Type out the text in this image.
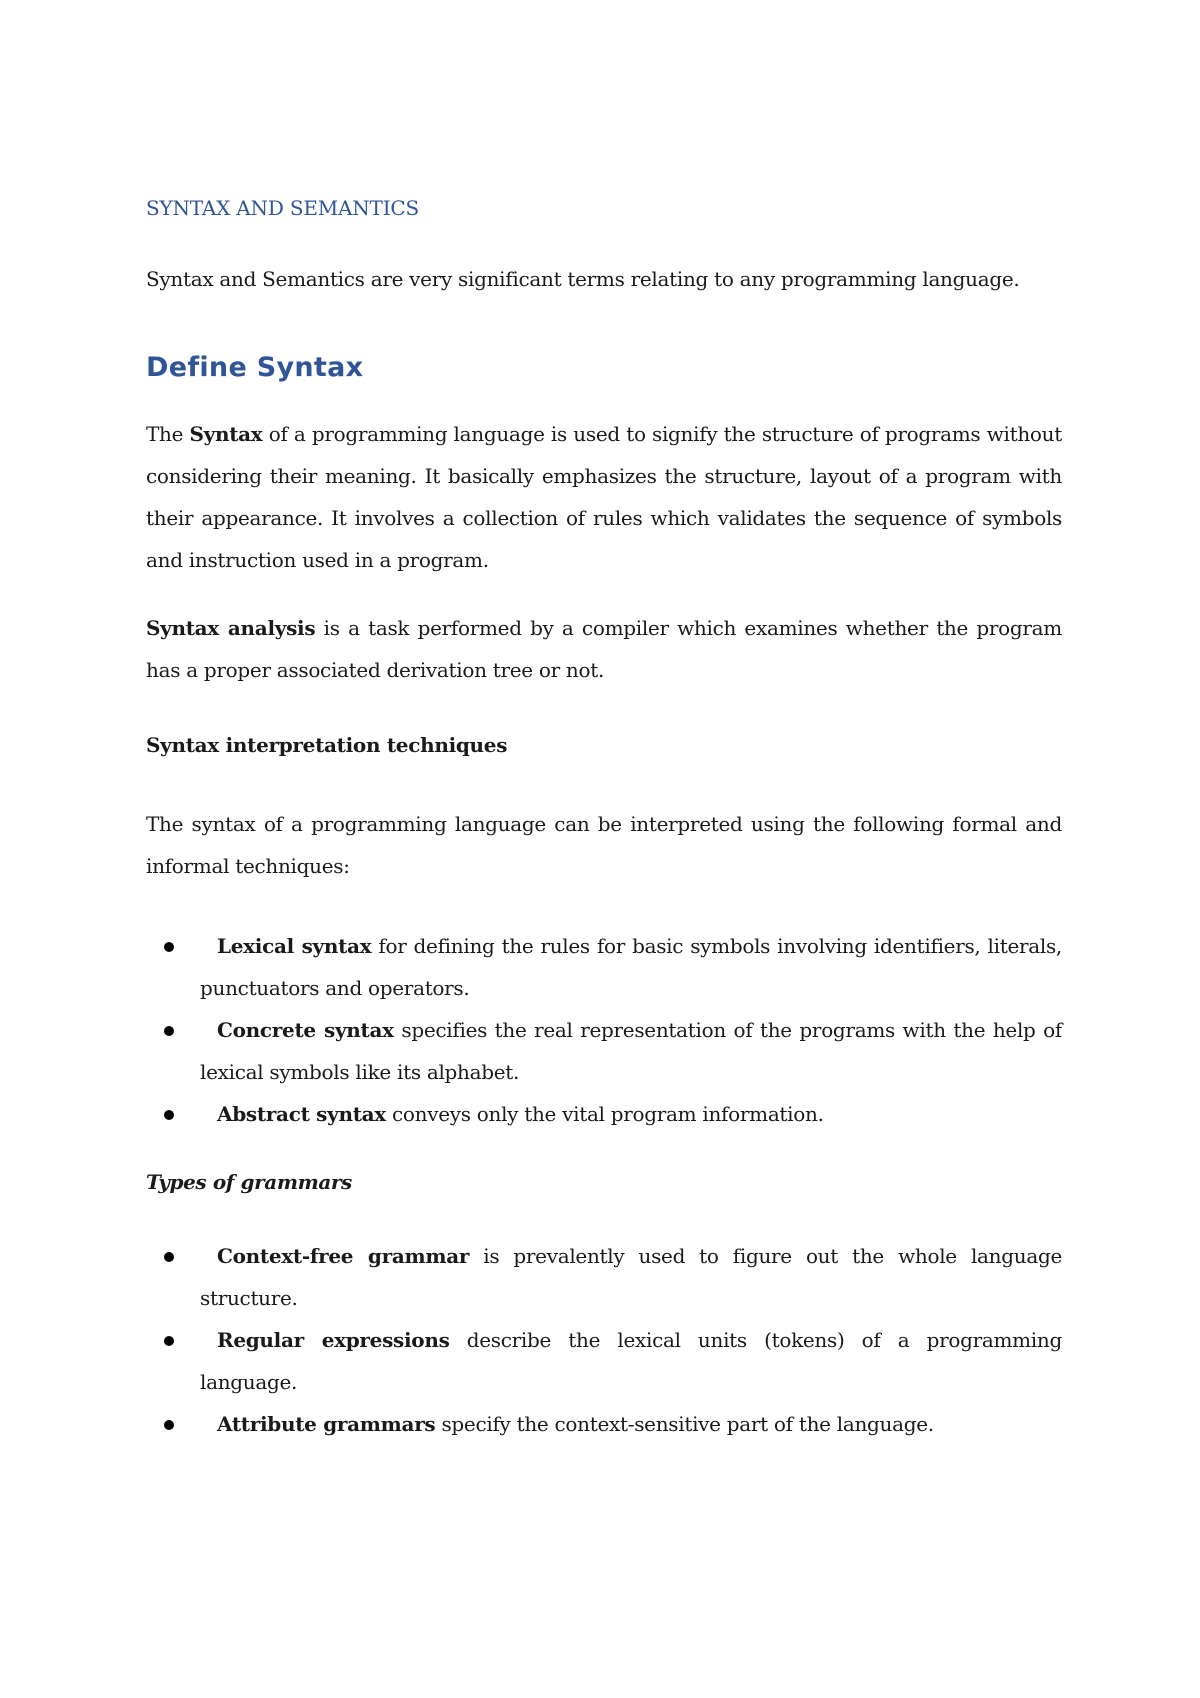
SYNTAX AND SEMANTICS
Syntax and Semantics are very significant terms relating to any programming language.
Define Syntax
The Syntax of a programming language is used to signify the structure of programs without considering their meaning. It basically emphasizes the structure, layout of a program with their appearance. It involves a collection of rules which validates the sequence of symbols and instruction used in a program.
Syntax analysis is a task performed by a compiler which examines whether the program has a proper associated derivation tree or not.
Syntax interpretation techniques
The syntax of a programming language can be interpreted using the following formal and informal techniques:
Lexical syntax for defining the rules for basic symbols involving identifiers, literals, punctuators and operators.
Concrete syntax specifies the real representation of the programs with the help of lexical symbols like its alphabet.
Abstract syntax conveys only the vital program information.
Types of grammars
Context-free grammar is prevalently used to figure out the whole language structure.
Regular expressions describe the lexical units (tokens) of a programming language.
Attribute grammars specify the context-sensitive part of the language.
